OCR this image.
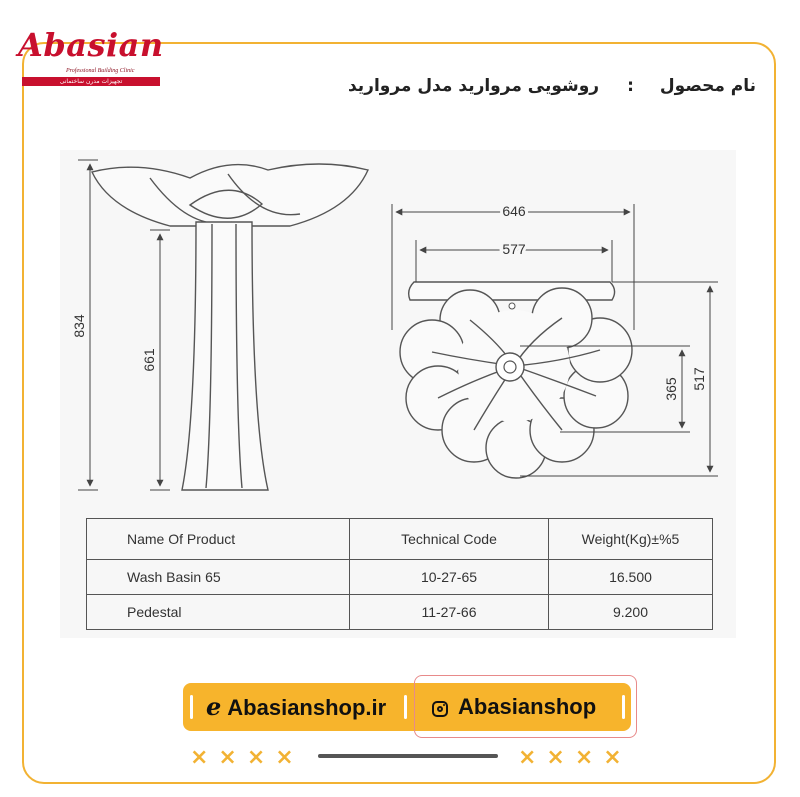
Abasian
Professional Building Clinic
تجهیزات مدرن ساختمانی	نام محصول:روشویی مروارید مدل مروارید
834
661
646
577
365 517
Name Of Product	Technical Code	Weight(Kg)±%5
Wash Basin 65	10-27-65	16.500
Pedestal	11-27-66	9.200
e Abasianshop.ir	Abasianshop
××××	××××
